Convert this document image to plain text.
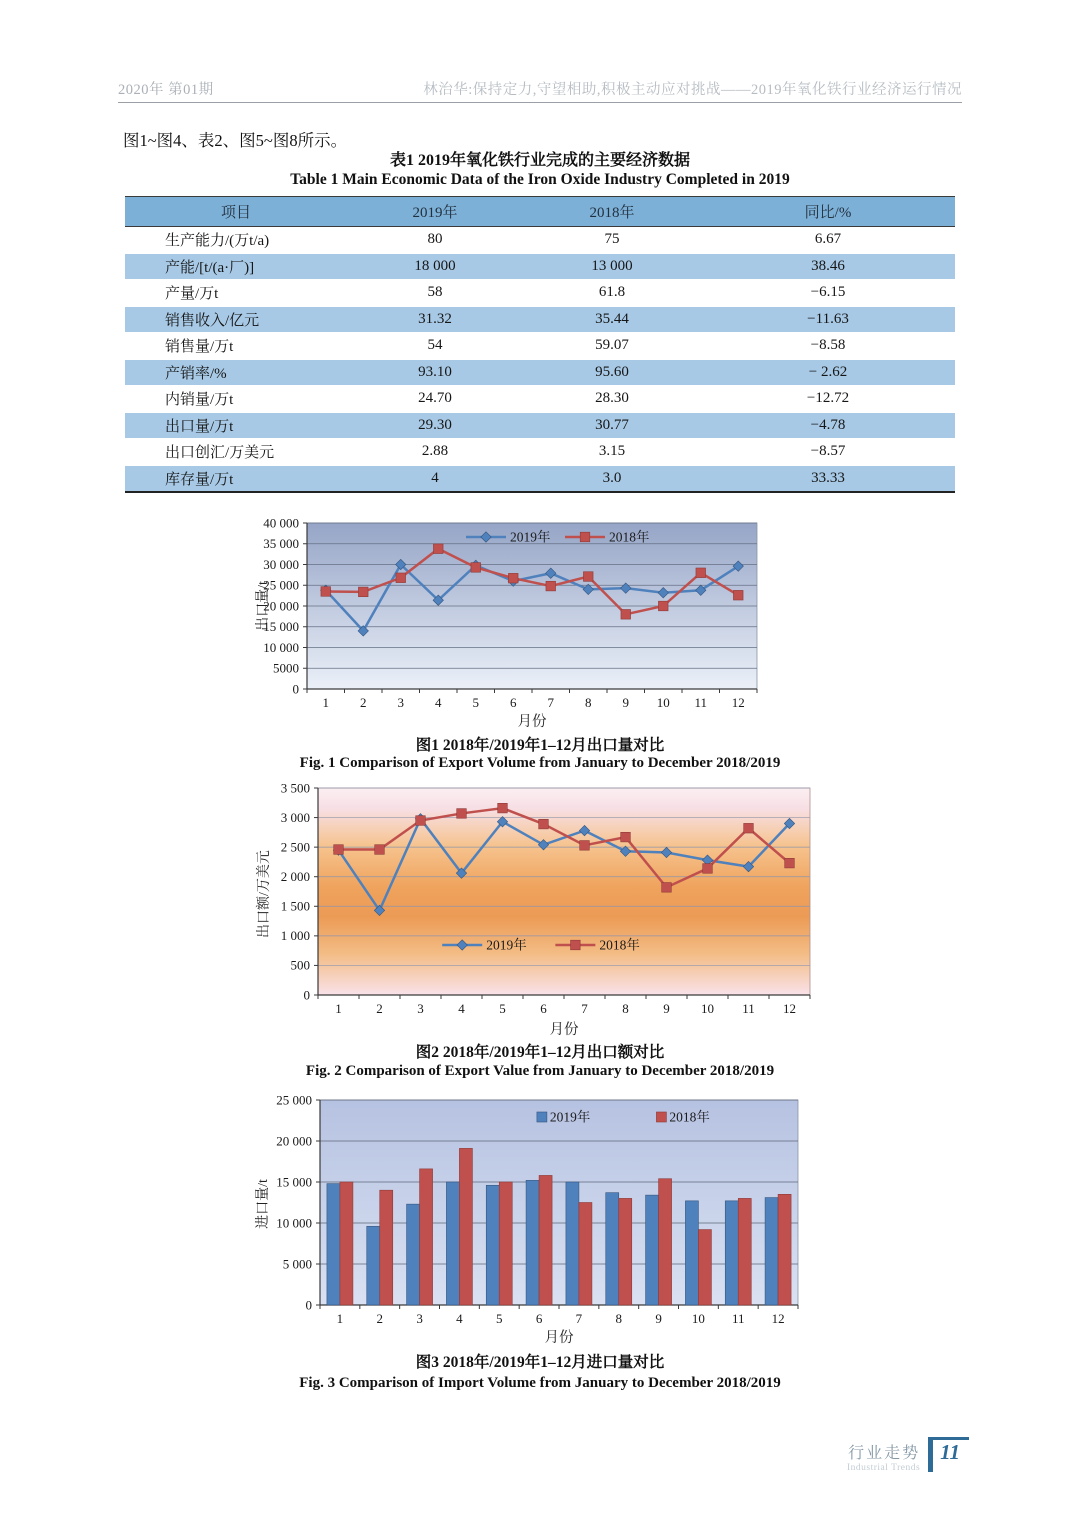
2020年 第01期	林治华:保持定力,守望相助,积极主动应对挑战——2019年氧化铁行业经济运行情况
图1~图4、表2、图5~图8所示。
表1 2019年氧化铁行业完成的主要经济数据
Table 1 Main Economic Data of the Iron Oxide Industry Completed in 2019
项目	2019年	2018年	同比/%
生产能力/(万t/a)	80	75	6.67
产能/[t/(a·厂)]	18 000	13 000	38.46
产量/万t	58	61.8	−6.15
销售收入/亿元	31.32	35.44	−11.63
销售量/万t	54	59.07	−8.58
产销率/%	93.10	95.60	− 2.62
内销量/万t	24.70	28.30	−12.72
出口量/万t	29.30	30.77	−4.78
出口创汇/万美元	2.88	3.15	−8.57
库存量/万t	4	3.0	33.33
出口量/t
0
5000
10 000
15 000
20 000
25 000
30 000
35 000
40 000
1 2 3 4 5 6 7 8 9 10 11 12
2019年	2018年
月份
图1 2018年/2019年1–12月出口量对比
Fig. 1 Comparison of Export Volume from January to December 2018/2019
出口额/万美元
0
500
1 000
1 500
2 000
2 500
3 000
3 500
1	2	3	4	5	6	7	8	9 10 11 12
2019年	2018年
月份
图2 2018年/2019年1–12月出口额对比
Fig. 2 Comparison of Export Value from January to December 2018/2019
进口量/t
0
5 000
10 000
15 000
20 000
25 000
1	2	3	4	5	6	7	8	9 10 11 12
2019年	2018年
月份
图3 2018年/2019年1–12月进口量对比
Fig. 3 Comparison of Import Volume from January to December 2018/2019
行业走势
Industrial Trends
11
